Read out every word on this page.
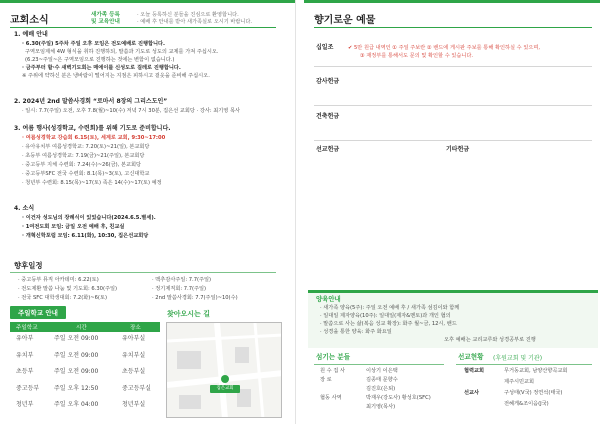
교회소식	새가족 등록
및 교육안내
· 오늘 등록하신 분들을 진심으로 환영합니다.
· 예배 후 안내를 받아 새가족실로 오시기 바랍니다.
1. 예배 안내
· 6.30(주일) 5주차 주일 오후 모임은 전도예배로 진행합니다.
구역모임제체 4W 형식을 취하 진행하되, 말씀과 기도로 성도의 교제를 가져 주십시오.
(6.23~주일~은 구역모임으로 진행하는 것에는 변함이 없습니다.)
· 금주부터 할·수 새벽기도회는 매에이를 신성도로 걸레로 진행합니다.
※ 주위에 약하신 분은 냉바람이 떨어지는 지점은 피하시고 겉옷을 준비해 주십시오.
2. 2024년 2nd 말씀사경회 “로마서 8장의 그리스도인”
· 일시: 7.7(주일) 오전, 오후 7.8(월)~10(수) 저녁 7시 30분, 집은선 교회당 · 강사: 최기영 목사
3. 여름 행사(성경학교, 수련회)를 위해 기도로 준비합니다.
· 여름성경학교 강습회 6.15(토), 세계로 교회, 9:30~17:00
· 유아유치부 여름성경학교: 7.20(토)~21(일), 본교회당
· 초등부 여름성경학교: 7.19(금)~21(주일), 본교회당
· 중고등부 지체 수련회: 7.24(수)~26(금), 본교회당
· 중고등부SFC 전국 수련회: 8.1(목)~3(토), 고신대학교
· 청년부 수련회: 8.15(목)~17(토) 족은 14(수)~17(토) 예정
4. 소식
· 이건자 성도님의 장례식이 있었습니다(2024.6.5.별세).
· 1여전도회 모임: 금일 오전 예배 후, 친교실
· 개혁신학포럼 모임: 6.11(화), 10:30, 집은선교회당
향후일정
· 중고등부 뮤직 아카데미: 6.22(토)
· 전도제환 말씀 나눔 및 기도회: 6.30(주일)
· 전국 SFC 대학생대회: 7.2(화)~6(토)
· 맥추감사주일: 7.7(주일)
· 정기제직회: 7.7(주일)
· 2nd 말씀사경회: 7.7(주일)~10(수)
주일학교 안내
주일학교	시간	장소
유아부	주일 오전 09:00	유아부실
유치부	주일 오전 09:00	유치부실
초등부	주일 오전 09:00	초등부실
중고등부 주일 오후 12:50	중고등부실
청년부	주일 오후 04:00	청년부실
찾아오시는 길
집은교회
향기로운 예물
십일조	✔ 5만 원급 내역인 ① 주일 주보란 ② 밴드에 게시판 주보를 통해 확인하실 수 있으며,
③ 재정부를 통해서도 문의 및 확인할 수 있습니다.
감사헌금
건축헌금
선교헌금	기타헌금
양육안내
· 새가족 양육(5주): 주일 오전 예배 후 / 새가족 섬김이와 함께
· 일대일 제자양육(10주): 일대일(제자&멘토)과 개인 협의
· 말씀으로 사는 삶(복음 성교 확장): 화주 월~금, 12시, 밴드
· 성경을 통한 양육: 화주 화요일
오후 예배는 교리교루와 성경공부로 진행
섬기는 분들
원 수 집 사	이상기 이은택
장 로	김종태 문향수
김진호(은퇴)
협동 사역	박재우(강도사) 황성호(SFC)
최기영(목사)
선교현황 (후원교회 및 기관)
협력교회	무거동교회, 남양산향곡교회
제주시민교회
선교사	구성태(V국) 정연석(태국)
전혜게&조이음(J국)
